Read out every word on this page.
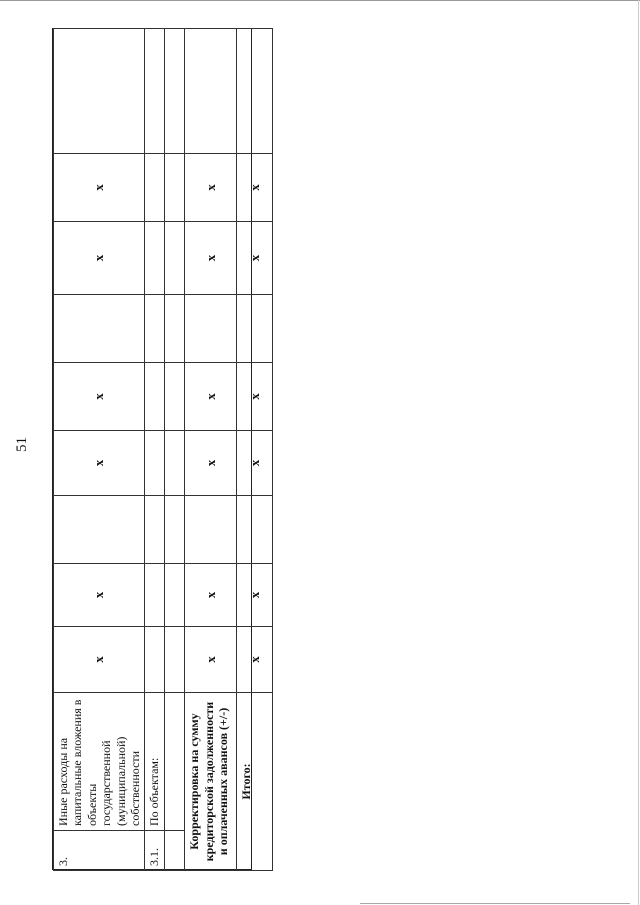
51
3.	Иные расходы на капитальные вложения в объекты государственной (муниципальной) собственности	x	x		x	x		x	x	
3.1.	По объектам:									

Корректировка на сумму кредиторской задолженности и оплаченных авансов (+/-)		x	x		x	x		x	x	
Итого:		x	x		x	x		x	x	
